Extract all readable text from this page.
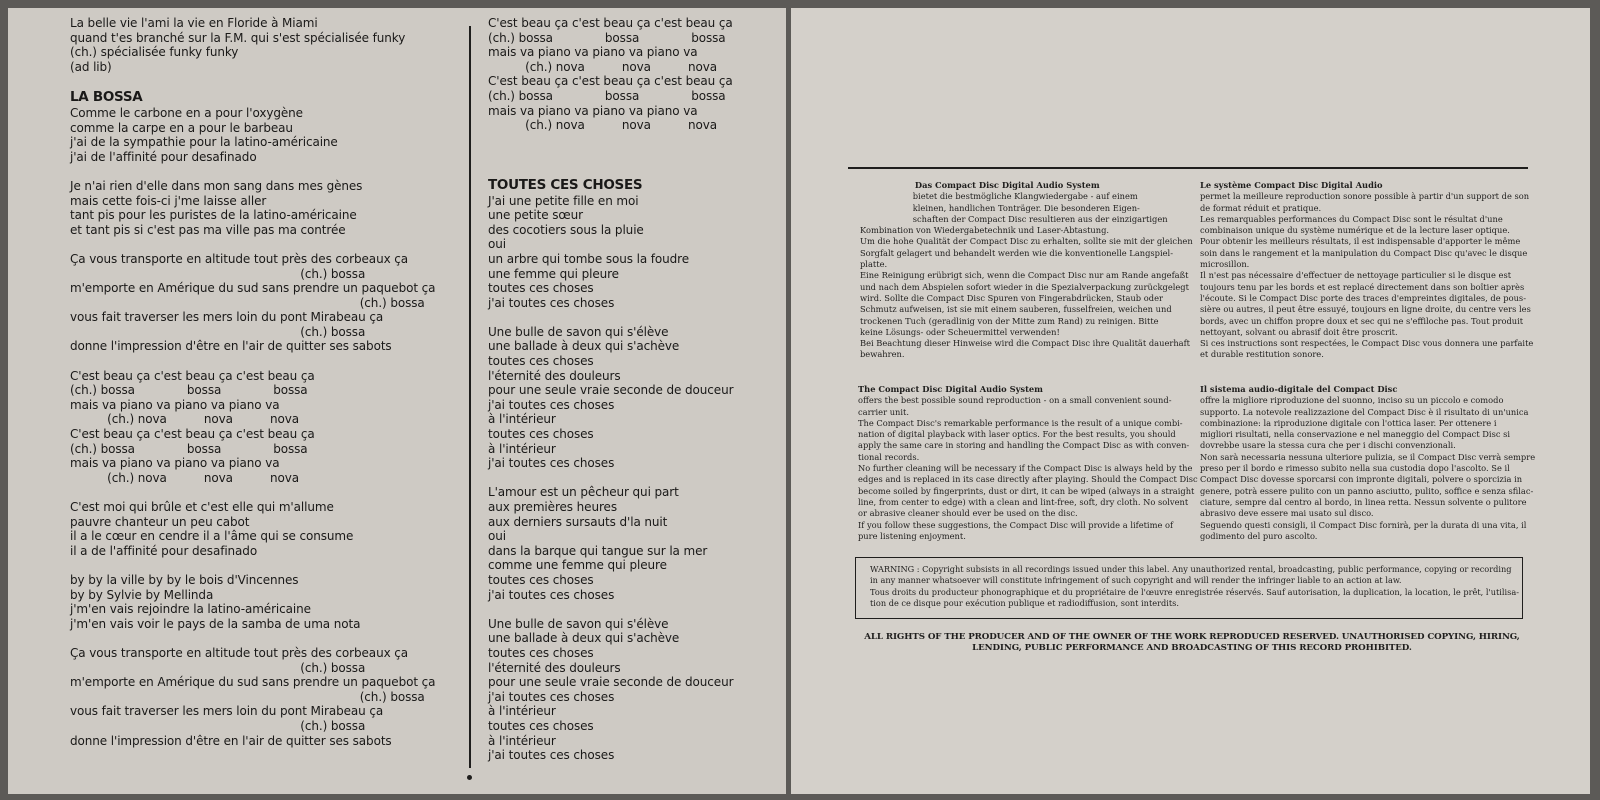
La belle vie l'ami la vie en Floride à Miami
quand t'es branché sur la F.M. qui s'est spécialisée funky
(ch.) spécialisée funky funky
(ad lib)
LA BOSSA
Comme le carbone en a pour l'oxygène
comme la carpe en a pour le barbeau
j'ai de la sympathie pour la latino-américaine
j'ai de l'affinité pour desafinado
Je n'ai rien d'elle dans mon sang dans mes gènes
mais cette fois-ci j'me laisse aller
tant pis pour les puristes de la latino-américaine
et tant pis si c'est pas ma ville pas ma contrée
Ça vous transporte en altitude tout près des corbeaux ça
(ch.) bossa
m'emporte en Amérique du sud sans prendre un paquebot ça
(ch.) bossa
vous fait traverser les mers loin du pont Mirabeau ça
(ch.) bossa
donne l'impression d'être en l'air de quitter ses sabots
C'est beau ça c'est beau ça c'est beau ça
(ch.) bossa              bossa              bossa
mais va piano va piano va piano va
(ch.) nova          nova          nova
C'est beau ça c'est beau ça c'est beau ça
(ch.) bossa              bossa              bossa
mais va piano va piano va piano va
(ch.) nova          nova          nova
C'est moi qui brûle et c'est elle qui m'allume
pauvre chanteur un peu cabot
il a le cœur en cendre il a l'âme qui se consume
il a de l'affinité pour desafinado
by by la ville by by le bois d'Vincennes
by by Sylvie by Mellinda
j'm'en vais rejoindre la latino-américaine
j'm'en vais voir le pays de la samba de uma nota
Ça vous transporte en altitude tout près des corbeaux ça
(ch.) bossa
m'emporte en Amérique du sud sans prendre un paquebot ça
(ch.) bossa
vous fait traverser les mers loin du pont Mirabeau ça
(ch.) bossa
donne l'impression d'être en l'air de quitter ses sabots
C'est beau ça c'est beau ça c'est beau ça
(ch.) bossa              bossa              bossa
mais va piano va piano va piano va
(ch.) nova          nova          nova
C'est beau ça c'est beau ça c'est beau ça
(ch.) bossa              bossa              bossa
mais va piano va piano va piano va
(ch.) nova          nova          nova
TOUTES CES CHOSES
J'ai une petite fille en moi
une petite sœur
des cocotiers sous la pluie
oui
un arbre qui tombe sous la foudre
une femme qui pleure
toutes ces choses
j'ai toutes ces choses
Une bulle de savon qui s'élève
une ballade à deux qui s'achève
toutes ces choses
l'éternité des douleurs
pour une seule vraie seconde de douceur
j'ai toutes ces choses
à l'intérieur
toutes ces choses
à l'intérieur
j'ai toutes ces choses
L'amour est un pêcheur qui part
aux premières heures
aux derniers sursauts d'la nuit
oui
dans la barque qui tangue sur la mer
comme une femme qui pleure
toutes ces choses
j'ai toutes ces choses
Une bulle de savon qui s'élève
une ballade à deux qui s'achève
toutes ces choses
l'éternité des douleurs
pour une seule vraie seconde de douceur
j'ai toutes ces choses
à l'intérieur
toutes ces choses
à l'intérieur
j'ai toutes ces choses
Das Compact Disc Digital Audio System
bietet die bestmögliche Klangwiedergabe - auf einem
kleinen, handlichen Tonträger. Die besonderen Eigen-
schaften der Compact Disc resultieren aus der einzigartigen
Kombination von Wiedergabetechnik und Laser-Abtastung.
Um die hohe Qualität der Compact Disc zu erhalten, sollte sie mit der gleichen
Sorgfalt gelagert und behandelt werden wie die konventionelle Langspiel-
platte.
Eine Reinigung erübrigt sich, wenn die Compact Disc nur am Rande angefaßt
und nach dem Abspielen sofort wieder in die Spezialverpackung zurückgelegt
wird. Sollte die Compact Disc Spuren von Fingerabdrücken, Staub oder
Schmutz aufweisen, ist sie mit einem sauberen, fusselfreien, weichen und
trockenen Tuch (geradlinig von der Mitte zum Rand) zu reinigen. Bitte
keine Lösungs- oder Scheuermittel verwenden!
Bei Beachtung dieser Hinweise wird die Compact Disc ihre Qualität dauerhaft
bewahren.
Le système Compact Disc Digital Audio
permet la meilleure reproduction sonore possible à partir d'un support de son
de format réduit et pratique.
Les remarquables performances du Compact Disc sont le résultat d'une
combinaison unique du système numérique et de la lecture laser optique.
Pour obtenir les meilleurs résultats, il est indispensable d'apporter le même
soin dans le rangement et la manipulation du Compact Disc qu'avec le disque
microsillon.
Il n'est pas nécessaire d'effectuer de nettoyage particulier si le disque est
toujours tenu par les bords et est replacé directement dans son boîtier après
l'écoute. Si le Compact Disc porte des traces d'empreintes digitales, de pous-
sière ou autres, il peut être essuyé, toujours en ligne droite, du centre vers les
bords, avec un chiffon propre doux et sec qui ne s'effiloche pas. Tout produit
nettoyant, solvant ou abrasif doit être proscrit.
Si ces instructions sont respectées, le Compact Disc vous donnera une parfaite
et durable restitution sonore.
The Compact Disc Digital Audio System
offers the best possible sound reproduction - on a small convenient sound-
carrier unit.
The Compact Disc's remarkable performance is the result of a unique combi-
nation of digital playback with laser optics. For the best results, you should
apply the same care in storing and handling the Compact Disc as with conven-
tional records.
No further cleaning will be necessary if the Compact Disc is always held by the
edges and is replaced in its case directly after playing. Should the Compact Disc
become soiled by fingerprints, dust or dirt, it can be wiped (always in a straight
line, from center to edge) with a clean and lint-free, soft, dry cloth. No solvent
or abrasive cleaner should ever be used on the disc.
If you follow these suggestions, the Compact Disc will provide a lifetime of
pure listening enjoyment.
Il sistema audio-digitale del Compact Disc
offre la migliore riproduzione del suonno, inciso su un piccolo e comodo
supporto. La notevole realizzazione del Compact Disc è il risultato di un'unica
combinazione: la riproduzione digitale con l'ottica laser. Per ottenere i
migliori risultati, nella conservazione e nel maneggio del Compact Disc si
dovrebbe usare la stessa cura che per i dischi convenzionali.
Non sarà necessaria nessuna ulteriore pulizia, se il Compact Disc verrà sempre
preso per il bordo e rimesso subito nella sua custodia dopo l'ascolto. Se il
Compact Disc dovesse sporcarsi con impronte digitali, polvere o sporcizia in
genere, potrà essere pulito con un panno asciutto, pulito, soffice e senza sfilac-
ciature, sempre dal centro al bordo, in linea retta. Nessun solvente o pulitore
abrasivo deve essere mai usato sul disco.
Seguendo questi consigli, il Compact Disc fornirà, per la durata di una vita, il
godimento del puro ascolto.
WARNING : Copyright subsists in all recordings issued under this label. Any unauthorized rental, broadcasting, public performance, copying or recording
in any manner whatsoever will constitute infringement of such copyright and will render the infringer liable to an action at law.
Tous droits du producteur phonographique et du propriétaire de l'œuvre enregistrée réservés. Sauf autorisation, la duplication, la location, le prêt, l'utilisa-
tion de ce disque pour exécution publique et radiodiffusion, sont interdits.
ALL RIGHTS OF THE PRODUCER AND OF THE OWNER OF THE WORK REPRODUCED RESERVED. UNAUTHORISED COPYING, HIRING,
LENDING, PUBLIC PERFORMANCE AND BROADCASTING OF THIS RECORD PROHIBITED.
